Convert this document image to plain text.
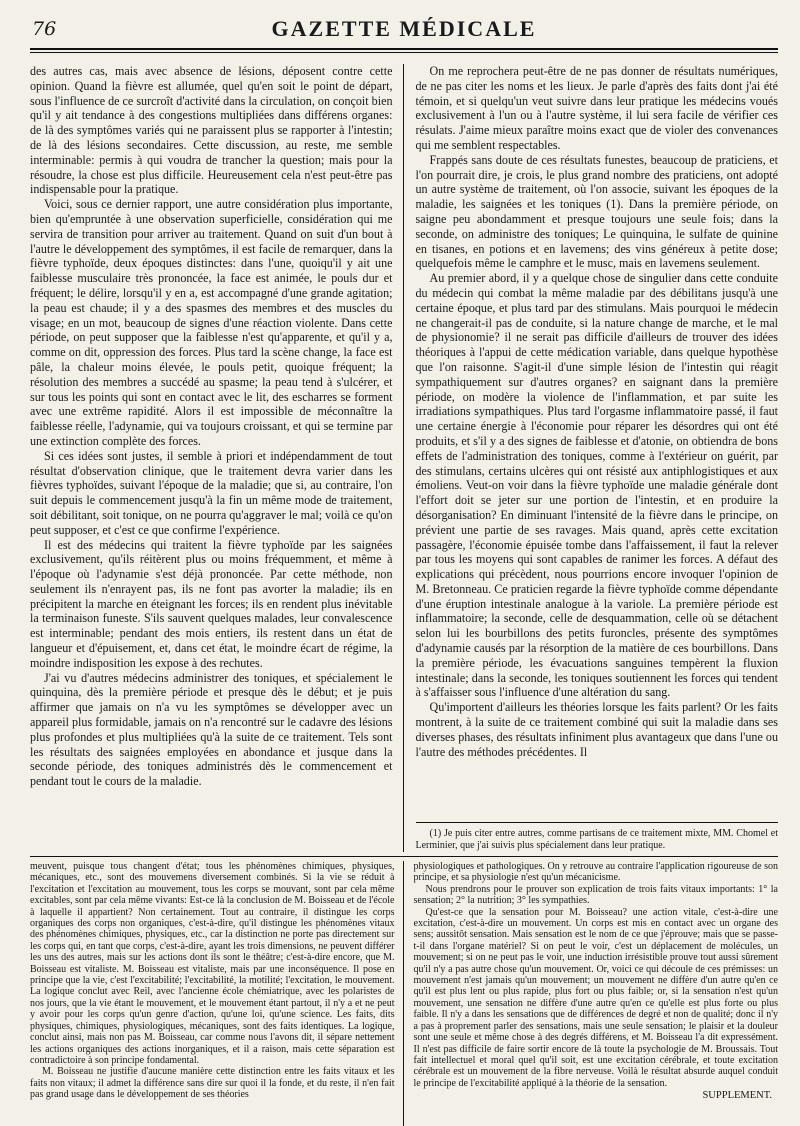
76	GAZETTE MÉDICALE

des autres cas, mais avec absence de lésions, déposent contre cette opinion. Quand la fièvre est allumée, quel qu'en soit le point de départ, sous l'influence de ce surcroît d'activité dans la circulation, on conçoit bien qu'il y ait tendance à des congestions multipliées dans différens organes: de là des symptômes variés qui ne paraissent plus se rapporter à l'intestin; de là des lésions secondaires. Cette discussion, au reste, me semble interminable: permis à qui voudra de trancher la question; mais pour la résoudre, la chose est plus difficile. Heureusement cela n'est peut-être pas indispensable pour la pratique.

Voici, sous ce dernier rapport, une autre considération plus importante, bien qu'empruntée à une observation superficielle, considération qui me servira de transition pour arriver au traitement. Quand on suit d'un bout à l'autre le développement des symptômes, il est facile de remarquer, dans la fièvre typhoïde, deux époques distinctes: dans l'une, quoiqu'il y ait une faiblesse musculaire très prononcée, la face est animée, le pouls dur et fréquent; le délire, lorsqu'il y en a, est accompagné d'une grande agitation; la peau est chaude; il y a des spasmes des membres et des muscles du visage; en un mot, beaucoup de signes d'une réaction violente. Dans cette période, on peut supposer que la faiblesse n'est qu'apparente, et qu'il y a, comme on dit, oppression des forces. Plus tard la scène change, la face est pâle, la chaleur moins élevée, le pouls petit, quoique fréquent; la résolution des membres a succédé au spasme; la peau tend à s'ulcérer, et sur tous les points qui sont en contact avec le lit, des escharres se forment avec une extrême rapidité. Alors il est impossible de méconnaître la faiblesse réelle, l'adynamie, qui va toujours croissant, et qui se termine par une extinction complète des forces.

Si ces idées sont justes, il semble à priori et indépendamment de tout résultat d'observation clinique, que le traitement devra varier dans les fièvres typhoïdes, suivant l'époque de la maladie; que si, au contraire, l'on suit depuis le commencement jusqu'à la fin un même mode de traitement, soit débilitant, soit tonique, on ne pourra qu'aggraver le mal; voilà ce qu'on peut supposer, et c'est ce que confirme l'expérience.

Il est des médecins qui traitent la fièvre typhoïde par les saignées exclusivement, qu'ils réitèrent plus ou moins fréquemment, et même à l'époque où l'adynamie s'est déjà prononcée. Par cette méthode, non seulement ils n'enrayent pas, ils ne font pas avorter la maladie; ils en précipitent la marche en éteignant les forces; ils en rendent plus inévitable la terminaison funeste. S'ils sauvent quelques malades, leur convalescence est interminable; pendant des mois entiers, ils restent dans un état de langueur et d'épuisement, et, dans cet état, le moindre écart de régime, la moindre indisposition les expose à des rechutes.

J'ai vu d'autres médecins administrer des toniques, et spécialement le quinquina, dès la première période et presque dès le début; et je puis affirmer que jamais on n'a vu les symptômes se développer avec un appareil plus formidable, jamais on n'a rencontré sur le cadavre des lésions plus profondes et plus multipliées qu'à la suite de ce traitement. Tels sont les résultats des saignées employées en abondance et jusque dans la seconde période, des toniques administrés dès le commencement et pendant tout le cours de la maladie.

On me reprochera peut-être de ne pas donner de résultats numériques, de ne pas citer les noms et les lieux. Je parle d'après des faits dont j'ai été témoin, et si quelqu'un veut suivre dans leur pratique les médecins voués exclusivement à l'un ou à l'autre système, il lui sera facile de vérifier ces résulats. J'aime mieux paraître moins exact que de violer des convenances qui me semblent respectables.

Frappés sans doute de ces résultats funestes, beaucoup de praticiens, et l'on pourrait dire, je crois, le plus grand nombre des praticiens, ont adopté un autre système de traitement, où l'on associe, suivant les époques de la maladie, les saignées et les toniques (1). Dans la première période, on saigne peu abondamment et presque toujours une seule fois; dans la seconde, on administre des toniques; Le quinquina, le sulfate de quinine en tisanes, en potions et en lavemens; des vins généreux à petite dose; quelquefois même le camphre et le musc, mais en lavemens seulement.

Au premier abord, il y a quelque chose de singulier dans cette conduite du médecin qui combat la même maladie par des débilitans jusqu'à une certaine époque, et plus tard par des stimulans. Mais pourquoi le médecin ne changerait-il pas de conduite, si la nature change de marche, et le mal de physionomie? il ne serait pas difficile d'ailleurs de trouver des idées théoriques à l'appui de cette médication variable, dans quelque hypothèse que l'on raisonne. S'agit-il d'une simple lésion de l'intestin qui réagit sympathiquement sur d'autres organes? en saignant dans la première période, on modère la violence de l'inflammation, et par suite les irradiations sympathiques. Plus tard l'orgasme inflammatoire passé, il faut une certaine énergie à l'économie pour réparer les désordres qui ont été produits, et s'il y a des signes de faiblesse et d'atonie, on obtiendra de bons effets de l'administration des toniques, comme à l'extérieur on guérit, par des stimulans, certains ulcères qui ont résisté aux antiphlogistiques et aux émoliens. Veut-on voir dans la fièvre typhoïde une maladie générale dont l'effort doit se jeter sur une portion de l'intestin, et en produire la désorganisation? En diminuant l'intensité de la fièvre dans le principe, on prévient une partie de ses ravages. Mais quand, après cette excitation passagère, l'économie épuisée tombe dans l'affaissement, il faut la relever par tous les moyens qui sont capables de ranimer les forces. A défaut des explications qui précèdent, nous pourrions encore invoquer l'opinion de M. Bretonneau. Ce praticien regarde la fièvre typhoïde comme dépendante d'une éruption intestinale analogue à la variole. La première période est inflammatoire; la seconde, celle de desquammation, celle où se détachent selon lui les bourbillons des petits furoncles, présente des symptômes d'adynamie causés par la résorption de la matière de ces bourbillons. Dans la première période, les évacuations sanguines tempèrent la fluxion intestinale; dans la seconde, les toniques soutiennent les forces qui tendent à s'affaisser sous l'influence d'une altération du sang.

Qu'importent d'ailleurs les théories lorsque les faits parlent? Or les faits montrent, à la suite de ce traitement combiné qui suit la maladie dans ses diverses phases, des résultats infiniment plus avantageux que dans l'une ou l'autre des méthodes précédentes. Il

(1) Je puis citer entre autres, comme partisans de ce traitement mixte, MM. Chomel et Lerminier, que j'ai suivis plus spécialement dans leur pratique.

meuvent, puisque tous changent d'état; tous les phénomènes chimiques, physiques, mécaniques, etc., sont des mouvemens diversement combinés. Si la vie se réduit à l'excitation et l'excitation au mouvement, tous les corps se mouvant, sont par cela même excitables, sont par cela même vivants: Est-ce là la conclusion de M. Boisseau et de l'école à laquelle il appartient? Non certainement. Tout au contraire, il distingue les corps organiques des corps non organiques, c'est-à-dire, qu'il distingue les phénomènes vitaux des phénomènes chimiques, physiques, etc., car la distinction ne porte pas directement sur les corps qui, en tant que corps, c'est-à-dire, ayant les trois dimensions, ne peuvent différer les uns des autres, mais sur les actions dont ils sont le théâtre; c'est-à-dire encore, que M. Boisseau est vitaliste. M. Boisseau est vitaliste, mais par une inconséquence. Il pose en principe que la vie, c'est l'excitabilité; l'excitabilité, la motilité; l'excitation, le mouvement. La logique conclut avec Reil, avec l'ancienne école chémiatrique, avec les polaristes de nos jours, que la vie étant le mouvement, et le mouvement étant partout, il n'y a et ne peut y avoir pour les corps qu'un genre d'action, qu'une loi, qu'une science. Les faits, dits physiques, chimiques, physiologiques, mécaniques, sont des faits identiques. La logique, conclut ainsi, mais non pas M. Boisseau, car comme nous l'avons dit, il sépare nettement les actions organiques des actions inorganiques, et il a raison, mais cette séparation est contradictoire à son principe fondamental.

M. Boisseau ne justifie d'aucune manière cette distinction entre les faits vitaux et les faits non vitaux; il admet la différence sans dire sur quoi il la fonde, et du reste, il n'en fait pas grand usage dans le développement de ses théories

physiologiques et pathologiques. On y retrouve au contraire l'application rigoureuse de son principe, et sa physiologie n'est qu'un mécanicisme.

Nous prendrons pour le prouver son explication de trois faits vitaux importants: 1° la sensation; 2° la nutrition; 3° les sympathies.

Qu'est-ce que la sensation pour M. Boisseau? une action vitale, c'est-à-dire une excitation, c'est-à-dire un mouvement. Un corps est mis en contact avec un organe des sens; aussitôt sensation. Mais sensation est le nom de ce que j'éprouve; mais que se passe-t-il dans l'organe matériel? Si on peut le voir, c'est un déplacement de molécules, un mouvement; si on ne peut pas le voir, une induction irrésistible prouve tout aussi sûrement qu'il n'y a pas autre chose qu'un mouvement. Or, voici ce qui découle de ces prémisses: un mouvement n'est jamais qu'un mouvement; un mouvement ne diffère d'un autre qu'en ce qu'il est plus lent ou plus rapide, plus fort ou plus faible; or, si la sensation n'est qu'un mouvement, une sensation ne diffère d'une autre qu'en ce qu'elle est plus forte ou plus faible. Il n'y a dans les sensations que de différences de degré et non de qualité; donc il n'y a pas à proprement parler des sensations, mais une seule sensation; le plaisir et la douleur sont une seule et même chose à des degrés différens, et M. Boisseau l'a dit expressément. Il n'est pas difficile de faire sortir encore de là toute la psychologie de M. Broussais. Tout fait intellectuel et moral quel qu'il soit, est une excitation cérébrale, et toute excitation cérébrale est un mouvement de la fibre nerveuse. Voilà le résultat absurde auquel conduit le principe de l'excitabilité appliqué à la théorie de la sensation.

SUPPLEMENT.
